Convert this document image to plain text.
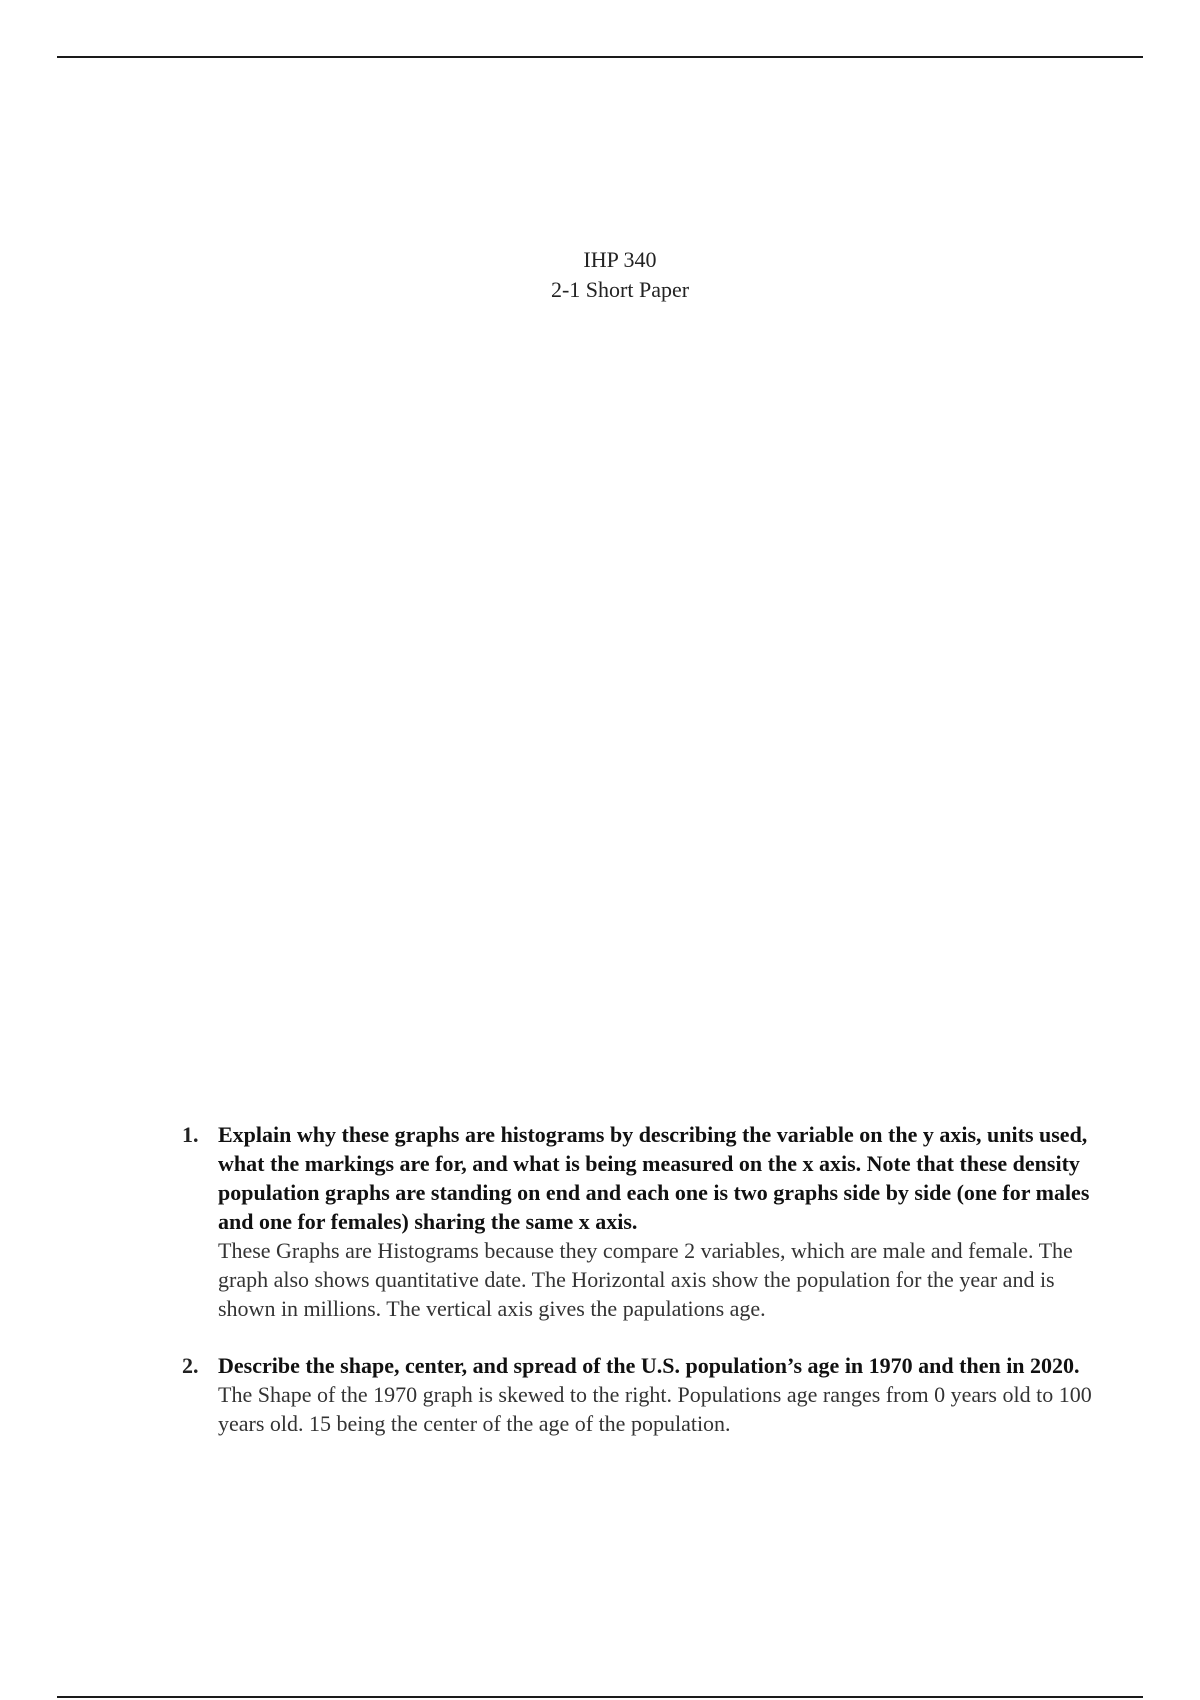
IHP 340
2-1 Short Paper
1. Explain why these graphs are histograms by describing the variable on the y axis, units used, what the markings are for, and what is being measured on the x axis. Note that these density population graphs are standing on end and each one is two graphs side by side (one for males and one for females) sharing the same x axis.
These Graphs are Histograms because they compare 2 variables, which are male and female. The graph also shows quantitative date. The Horizontal axis show the population for the year and is shown in millions. The vertical axis gives the papulations age.
2. Describe the shape, center, and spread of the U.S. population’s age in 1970 and then in 2020.
The Shape of the 1970 graph is skewed to the right. Populations age ranges from 0 years old to 100 years old. 15 being the center of the age of the population.
